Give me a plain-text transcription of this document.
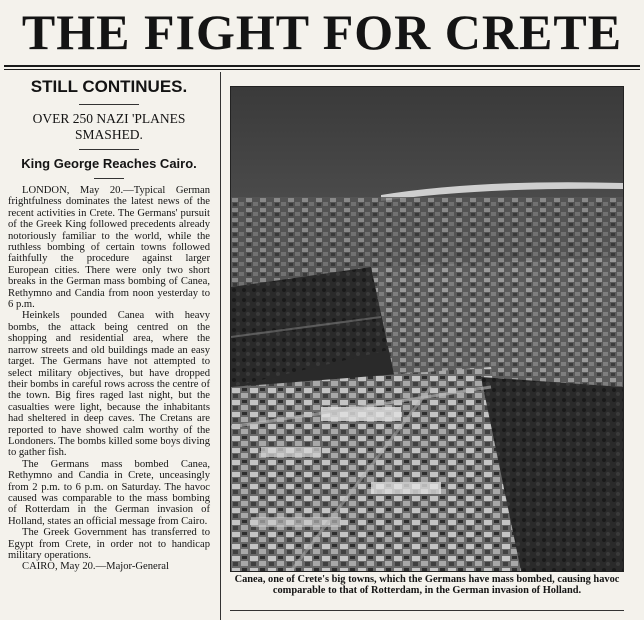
THE FIGHT FOR CRETE
STILL CONTINUES.
OVER 250 NAZI 'PLANES
SMASHED.
King George Reaches Cairo.

LONDON, May 20.—Typical German frightfulness dominates the latest news of the recent activities in Crete. The Germans' pursuit of the Greek King followed precedents already notoriously familiar to the world, while the ruthless bombing of certain towns followed faithfully the procedure against larger European cities. There were only two short breaks in the German mass bombing of Canea, Rethymno and Candia from noon yesterday to 6 p.m.

Heinkels pounded Canea with heavy bombs, the attack being centred on the shopping and residential area, where the narrow streets and old buildings made an easy target. The Germans have not attempted to select military objectives, but have dropped their bombs in careful rows across the centre of the town. Big fires raged last night, but the casualties were light, because the inhabitants had sheltered in deep caves. The Cretans are reported to have showed calm worthy of the Londoners. The bombs killed some boys diving to gather fish.

The Germans mass bombed Canea, Rethymno and Candia in Crete, unceasingly from 2 p.m. to 6 p.m. on Saturday. The havoc caused was comparable to the mass bombing of Rotterdam in the German invasion of Holland, states an official message from Cairo.

The Greek Government has transferred to Egypt from Crete, in order not to handicap military operations.

CAIRO, May 20.—Major-General

Canea, one of Crete's big towns, which the Germans have mass bombed, causing havoc comparable to that of Rotterdam, in the German invasion of Holland.
